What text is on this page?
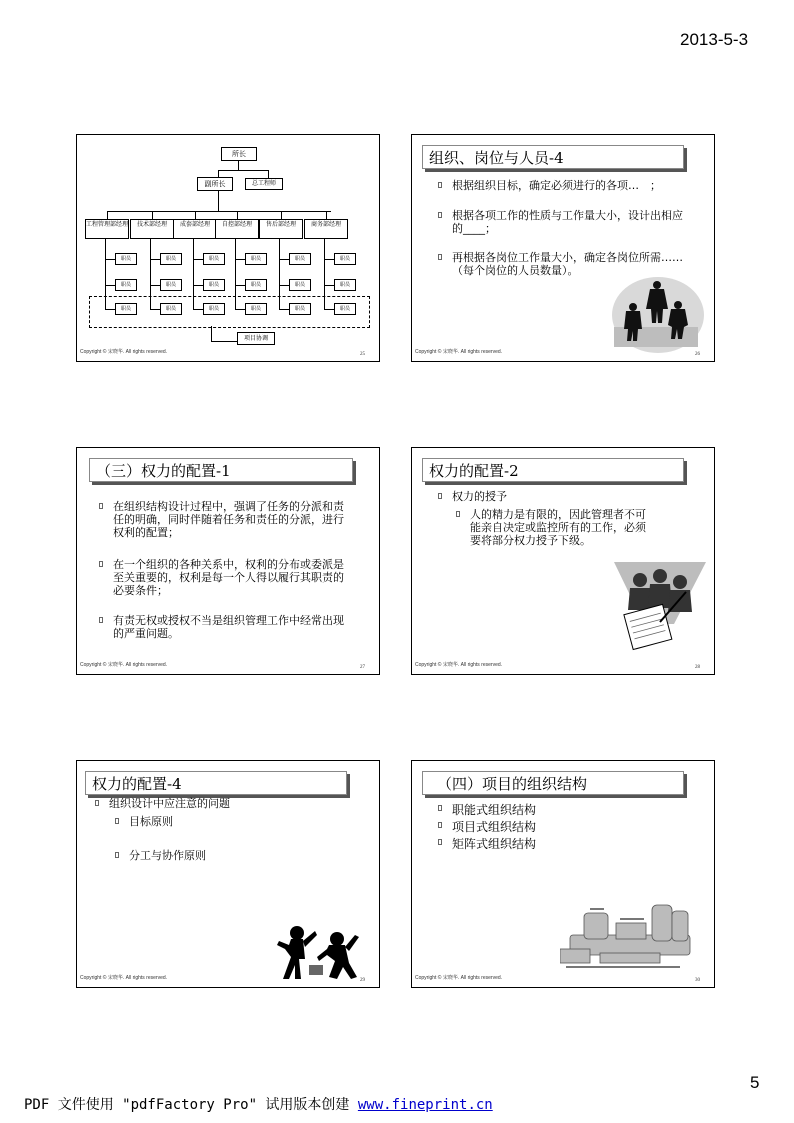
2013-5-3
所长
副所长	总工程师
工程管理部经理
职员
职员
职员
技术部经理
职员
职员
职员
成套部经理
职员
职员
职员
自控部经理
职员
职员
职员
售后部经理
职员
职员
职员
商务部经理
职员
职员
职员
项目协调
Copyright © 宋晓华. All rights reserved.	25
组织、岗位与人员-4
根据组织目标，确定必须进行的各项…　；
根据各项工作的性质与工作量大小，设计出相应的____；
再根据各岗位工作量大小，确定各岗位所需……（每个岗位的人员数量）。
Copyright © 宋晓华. All rights reserved.	26
（三）权力的配置-1
在组织结构设计过程中，强调了任务的分派和责任的明确，同时伴随着任务和责任的分派，进行权利的配置；
在一个组织的各种关系中，权利的分布或委派是至关重要的，权利是每一个人得以履行其职责的必要条件；
有责无权或授权不当是组织管理工作中经常出现的严重问题。
Copyright © 宋晓华. All rights reserved.	27
权力的配置-2
权力的授予
人的精力是有限的，因此管理者不可能亲自决定或监控所有的工作，必须要将部分权力授予下级。
Copyright © 宋晓华. All rights reserved.	28
权力的配置-4
组织设计中应注意的问题
目标原则
分工与协作原则
Copyright © 宋晓华. All rights reserved.	29
（四）项目的组织结构
职能式组织结构
项目式组织结构
矩阵式组织结构
Copyright © 宋晓华. All rights reserved.	30
5
PDF 文件使用 "pdfFactory Pro" 试用版本创建 www.fineprint.cn
